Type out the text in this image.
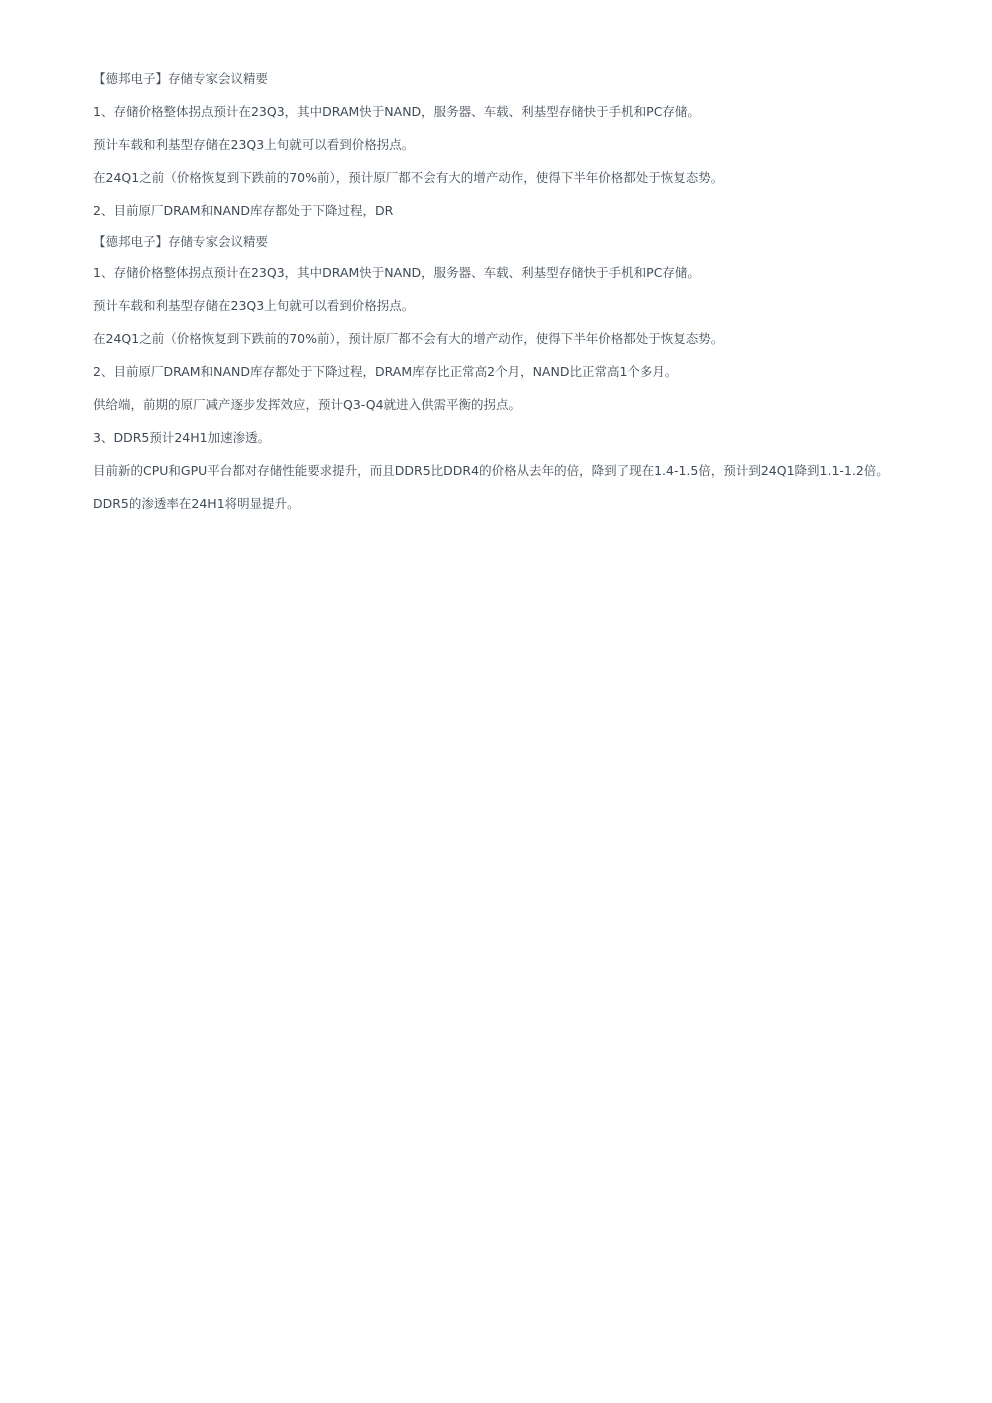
【德邦电子】存储专家会议精要
1、存储价格整体拐点预计在23Q3，其中DRAM快于NAND，服务器、车载、利基型存储快于手机和PC存储。
预计车载和利基型存储在23Q3上旬就可以看到价格拐点。
在24Q1之前（价格恢复到下跌前的70%前），预计原厂都不会有大的增产动作，使得下半年价格都处于恢复态势。
2、目前原厂DRAM和NAND库存都处于下降过程，DR
【德邦电子】存储专家会议精要
1、存储价格整体拐点预计在23Q3，其中DRAM快于NAND，服务器、车载、利基型存储快于手机和PC存储。
预计车载和利基型存储在23Q3上旬就可以看到价格拐点。
在24Q1之前（价格恢复到下跌前的70%前），预计原厂都不会有大的增产动作，使得下半年价格都处于恢复态势。
2、目前原厂DRAM和NAND库存都处于下降过程，DRAM库存比正常高2个月，NAND比正常高1个多月。
供给端，前期的原厂减产逐步发挥效应，预计Q3-Q4就进入供需平衡的拐点。
3、DDR5预计24H1加速渗透。
目前新的CPU和GPU平台都对存储性能要求提升，而且DDR5比DDR4的价格从去年的倍，降到了现在1.4-1.5倍，预计到24Q1降到1.1-1.2倍。
DDR5的渗透率在24H1将明显提升。
